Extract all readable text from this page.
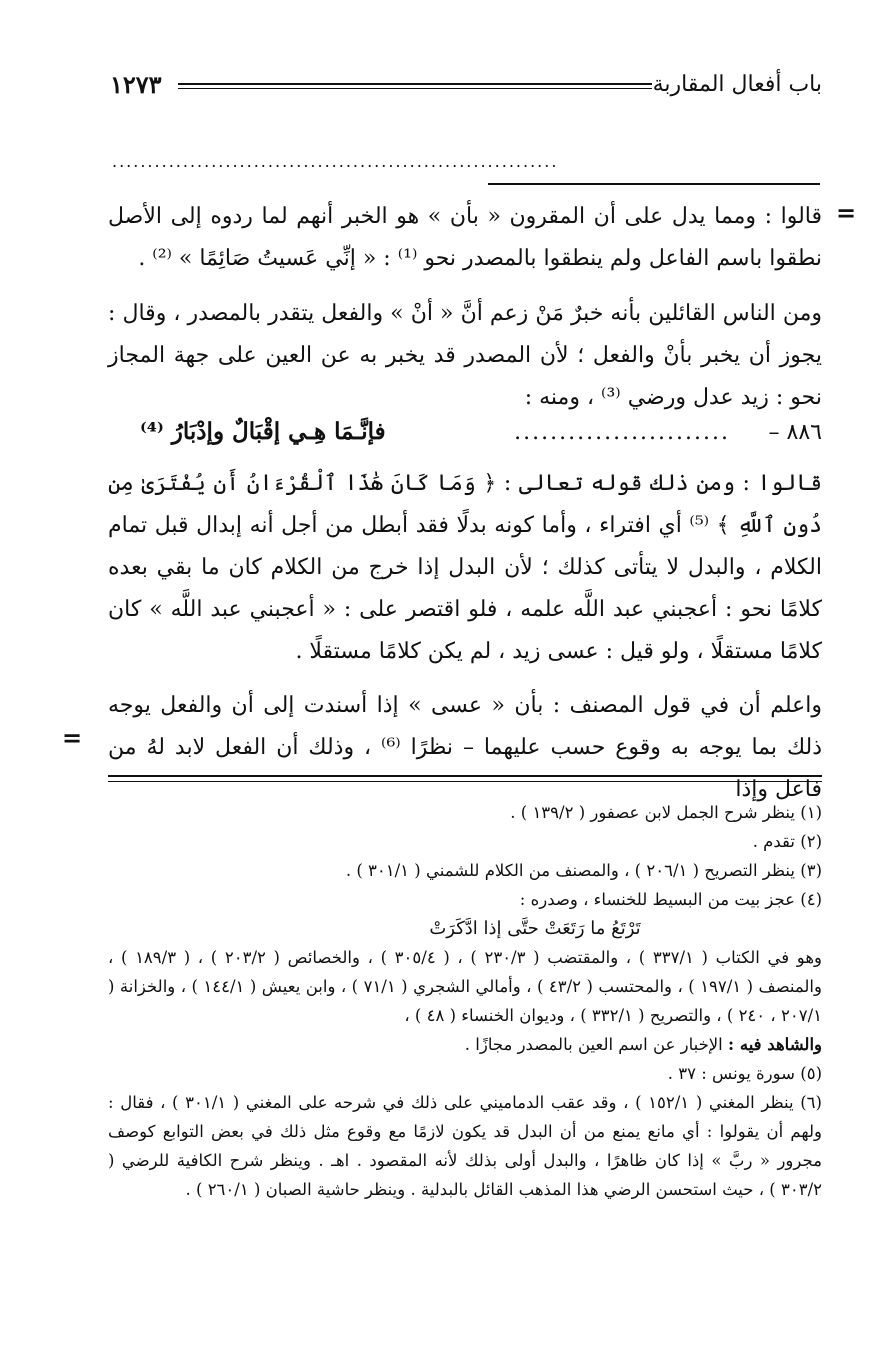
باب أفعال المقاربة
١٢٧٣
...............................................................
=

قالوا : ومما يدل على أن المقرون « بأن » هو الخبر أنهم لما ردوه إلى الأصل نطقوا باسم الفاعل ولم ينطقوا بالمصدر نحو ⁽¹⁾ : « إنِّي عَسيتُ صَائِمًا » ⁽²⁾ .

ومن الناس القائلين بأنه خبرٌ مَنْ زعم أنَّ « أنْ » والفعل يتقدر بالمصدر ، وقال : يجوز أن يخبر بأنْ والفعل ؛ لأن المصدر قد يخبر به عن العين على جهة المجاز نحو : زيد عدل ورضي ⁽³⁾ ، ومنه :

٨٨٦ –
........................
فإنَّـمَا هِـي إقْبَالٌ وإدْبَارُ ⁽⁴⁾

قالوا : ومن ذلك قوله تعالى : ﴿ وَمَا كَانَ هَٰذَا ٱلْقُرْءَانُ أَن يُفْتَرَىٰ مِن دُونِ ٱللَّهِ ﴾ ⁽⁵⁾ أي افتراء ، وأما كونه بدلًا فقد أبطل من أجل أنه إبدال قبل تمام الكلام ، والبدل لا يتأتى كذلك ؛ لأن البدل إذا خرج من الكلام كان ما بقي بعده كلامًا نحو : أعجبني عبد اللَّه علمه ، فلو اقتصر على : « أعجبني عبد اللَّه » كان كلامًا مستقلًا ، ولو قيل : عسى زيد ، لم يكن كلامًا مستقلًا .

واعلم أن في قول المصنف : بأن « عسى » إذا أسندت إلى أن والفعل يوجه ذلك بما يوجه به وقوع حسب عليهما – نظرًا ⁽⁶⁾ ، وذلك أن الفعل لابد لهُ من فاعل وإذا

=

(١) ينظر شرح الجمل لابن عصفور ( ١٣٩/٢ ) .

(٢) تقدم .

(٣) ينظر التصريح ( ٢٠٦/١ ) ، والمصنف من الكلام للشمني ( ٣٠١/١ ) .

(٤) عجز بيت من البسيط للخنساء ، وصدره :

تَرْتَعُ ما رَتَعَتْ حتَّى إذا ادَّكَرَتْ

وهو في الكتاب ( ٣٣٧/١ ) ، والمقتضب ( ٢٣٠/٣ ) ، ( ٣٠٥/٤ ) ، والخصائص ( ٢٠٣/٢ ) ، ( ١٨٩/٣ ) ، والمنصف ( ١٩٧/١ ) ، والمحتسب ( ٤٣/٢ ) ، وأمالي الشجري ( ٧١/١ ) ، وابن يعيش ( ١٤٤/١ ) ، والخزانة ( ٢٠٧/١ ، ٢٤٠ ) ، والتصريح ( ٣٣٢/١ ) ، وديوان الخنساء ( ٤٨ ) ،

والشاهد فيه : الإخبار عن اسم العين بالمصدر مجازًا .

(٥) سورة يونس : ٣٧ .

(٦) ينظر المغني ( ١٥٢/١ ) ، وقد عقب الدماميني على ذلك في شرحه على المغني ( ٣٠١/١ ) ، فقال : ولهم أن يقولوا : أي مانع يمنع من أن البدل قد يكون لازمًا مع وقوع مثل ذلك في بعض التوابع كوصف مجرور « ربَّ » إذا كان ظاهرًا ، والبدل أولى بذلك لأنه المقصود . اهـ . وينظر شرح الكافية للرضي ( ٣٠٣/٢ ) ، حيث استحسن الرضي هذا المذهب القائل بالبدلية . وينظر حاشية الصبان ( ٢٦٠/١ ) .
